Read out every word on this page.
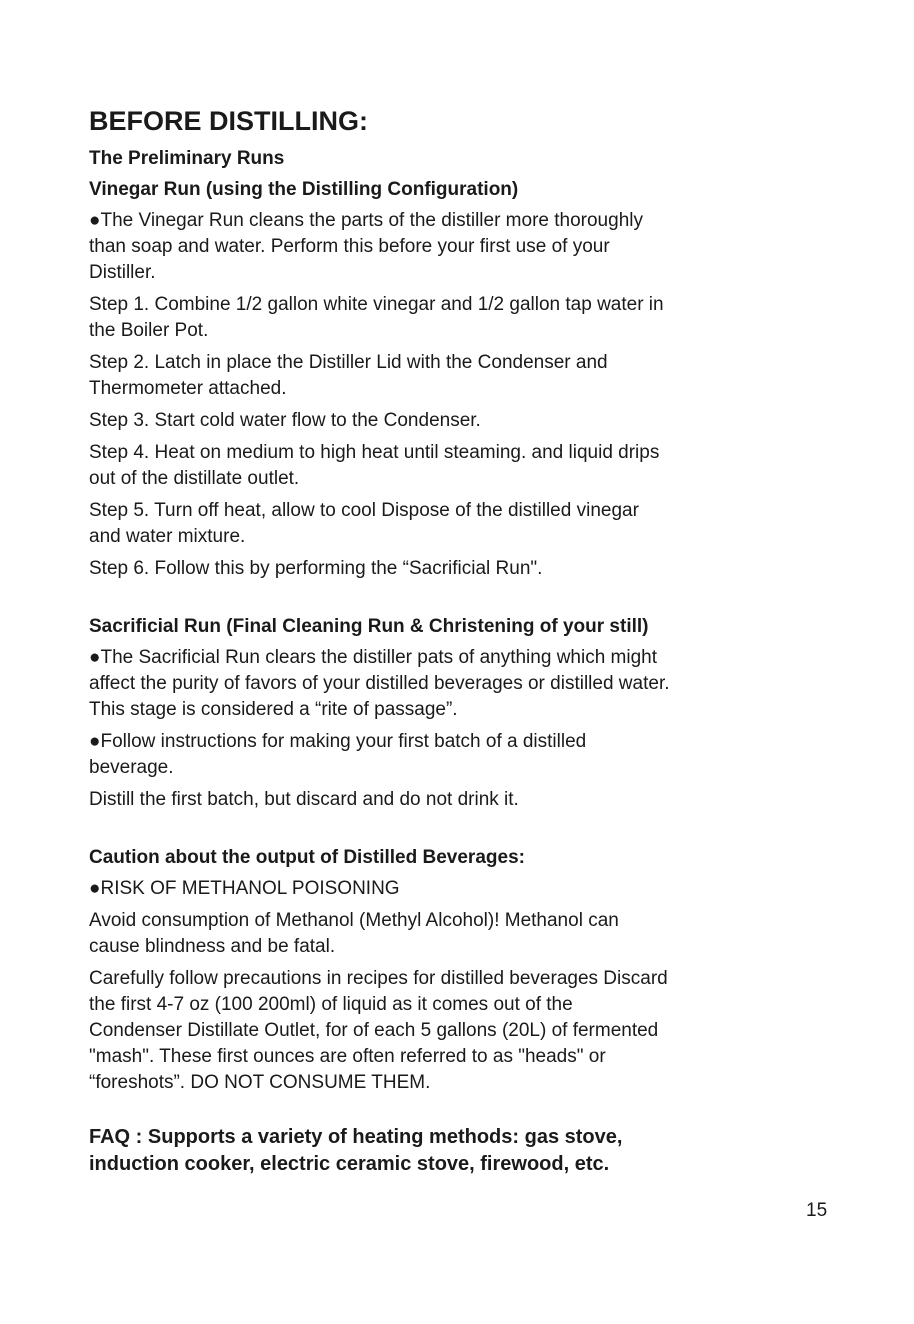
BEFORE DISTILLING:
The Preliminary Runs
Vinegar Run (using the Distilling Configuration)
●The Vinegar Run cleans the parts of the distiller more thoroughly
than soap and water. Perform this before your first use of your
Distiller.
Step 1. Combine 1/2 gallon white vinegar and 1/2 gallon tap water in
the Boiler Pot.
Step 2. Latch in place the Distiller Lid with the Condenser and
Thermometer attached.
Step 3. Start cold water flow to the Condenser.
Step 4. Heat on medium to high heat until steaming. and liquid drips
out of the distillate outlet.
Step 5. Turn off heat, allow to cool Dispose of the distilled vinegar
and water mixture.
Step 6. Follow this by performing the “Sacrificial Run".
Sacrificial Run (Final Cleaning Run & Christening of your still)
●The Sacrificial Run clears the distiller pats of anything which might
affect the purity of favors of your distilled beverages or distilled water.
This stage is considered a “rite of passage”.
●Follow instructions for making your first batch of a distilled
beverage.
Distill the first batch, but discard and do not drink it.
Caution about the output of Distilled Beverages:
●RISK OF METHANOL POISONING
Avoid consumption of Methanol (Methyl Alcohol)! Methanol can
cause blindness and be fatal.
Carefully follow precautions in recipes for distilled beverages Discard
the first 4-7 oz (100 200ml) of liquid as it comes out of the
Condenser Distillate Outlet, for of each 5 gallons (20L) of fermented
"mash". These first ounces are often referred to as "heads" or
“foreshots”. DO NOT CONSUME THEM.
FAQ : Supports a variety of heating methods: gas stove,
induction cooker, electric ceramic stove, firewood, etc.
15
